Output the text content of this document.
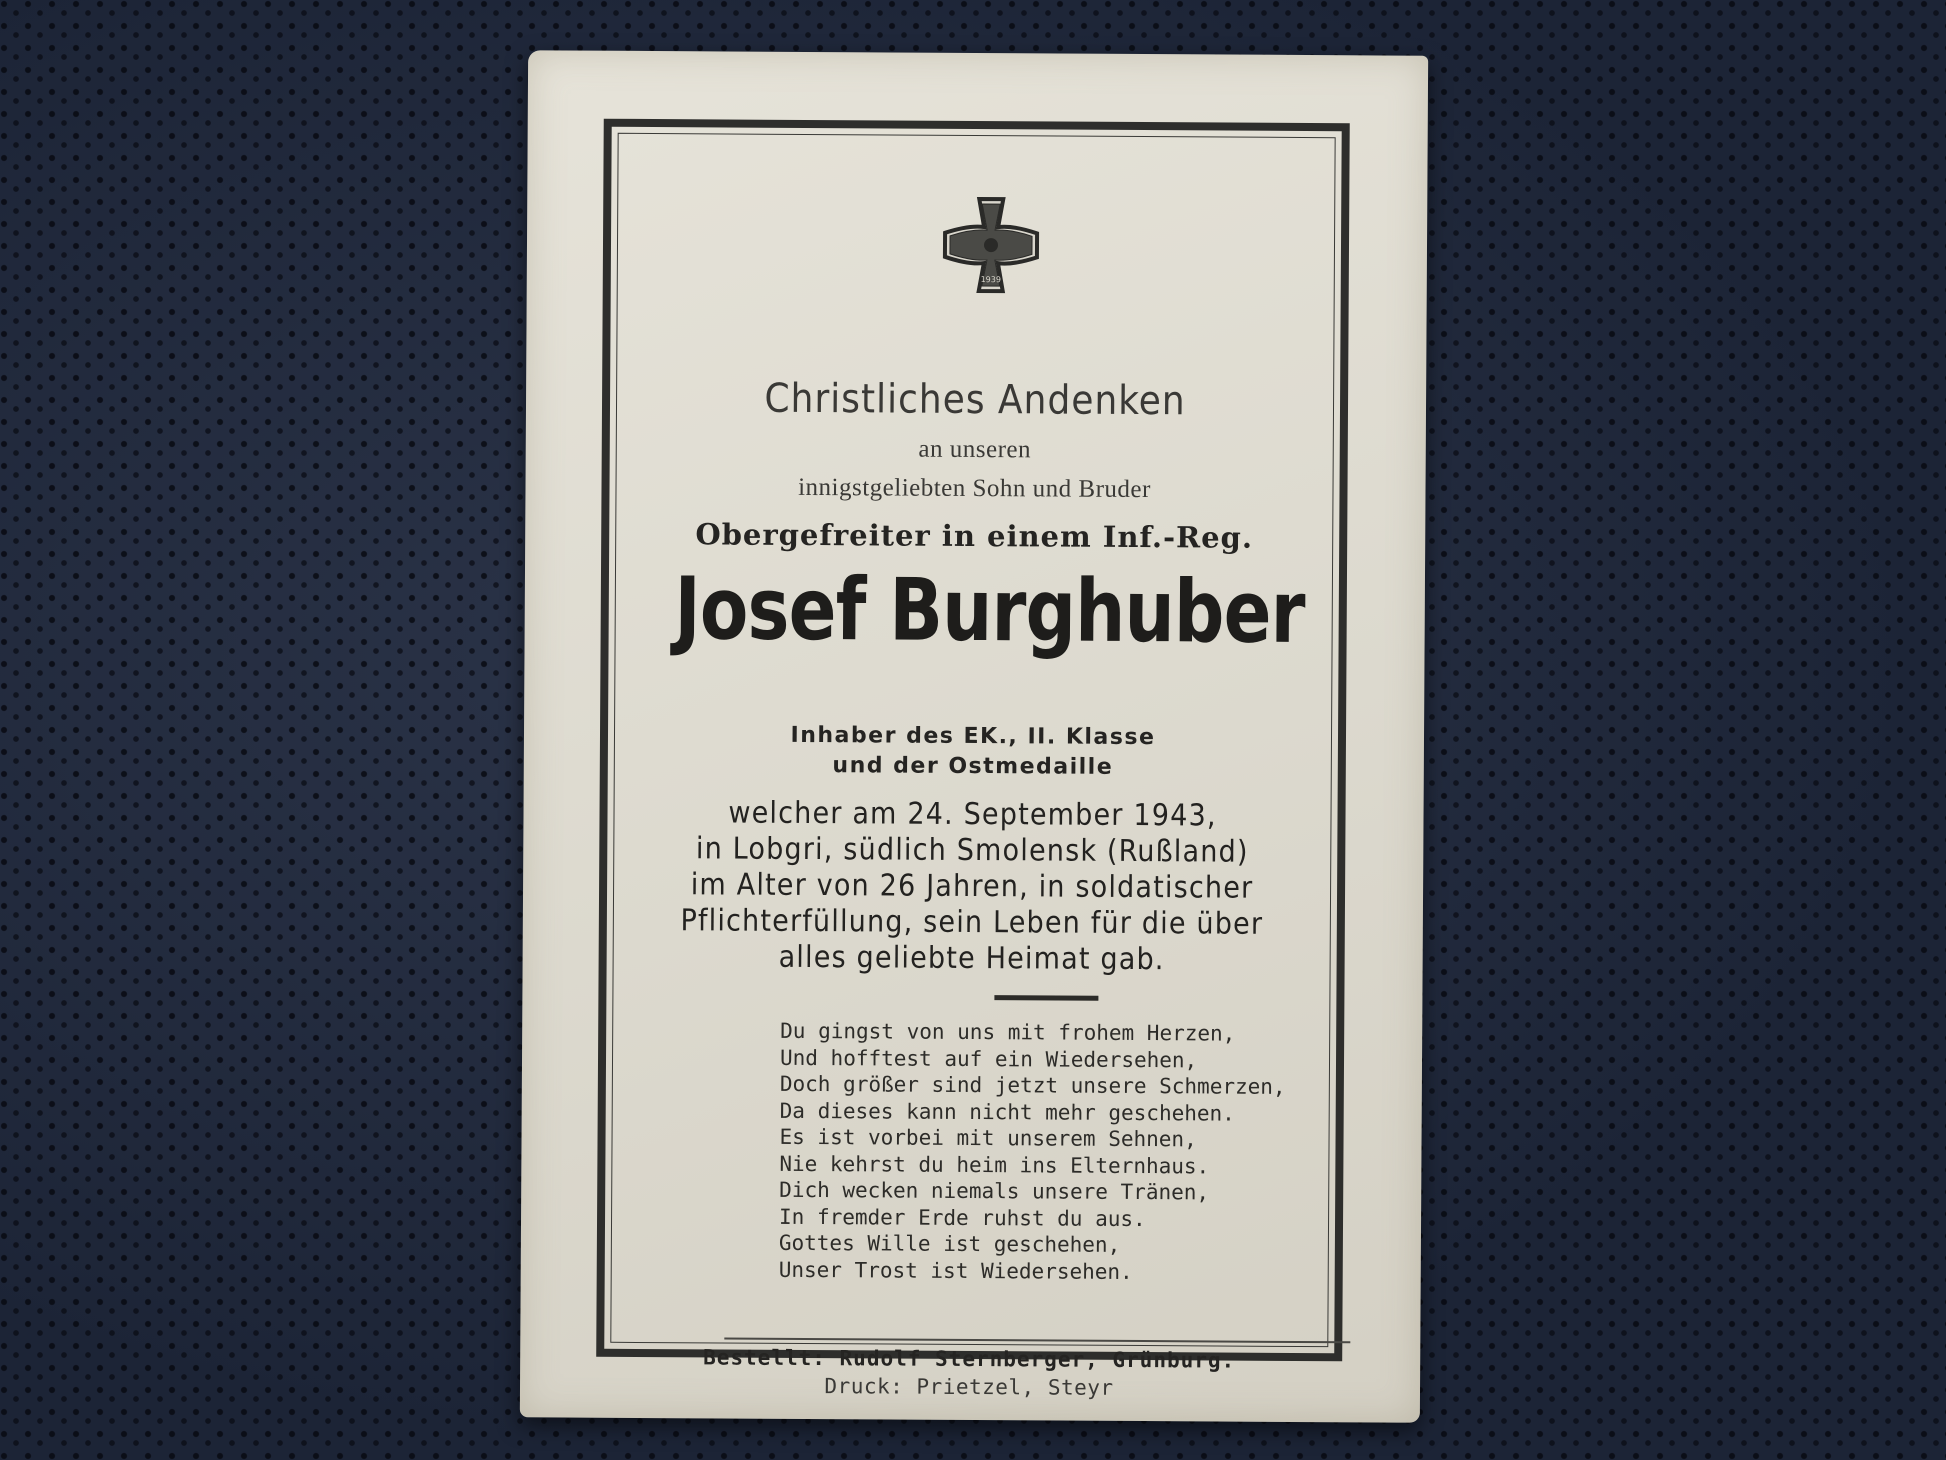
1939
Christliches Andenken
an unseren
innigstgeliebten Sohn und Bruder
Obergefreiter in einem Inf.-Reg.
Josef Burghuber
Inhaber des EK., II. Klasse
und der Ostmedaille
welcher am 24. September 1943,
in Lobgri, südlich Smolensk (Rußland)
im Alter von 26 Jahren, in soldatischer
Pflichterfüllung, sein Leben für die über
alles geliebte Heimat gab.
Du gingst von uns mit frohem Herzen,
Und hofftest auf ein Wiedersehen,
Doch größer sind jetzt unsere Schmerzen,
Da dieses kann nicht mehr geschehen.
Es ist vorbei mit unserem Sehnen,
Nie kehrst du heim ins Elternhaus.
Dich wecken niemals unsere Tränen,
In fremder Erde ruhst du aus.
Gottes Wille ist geschehen,
Unser Trost ist Wiedersehen.
Bestellt: Rudolf Sternberger, Grünburg.
Druck: Prietzel, Steyr
